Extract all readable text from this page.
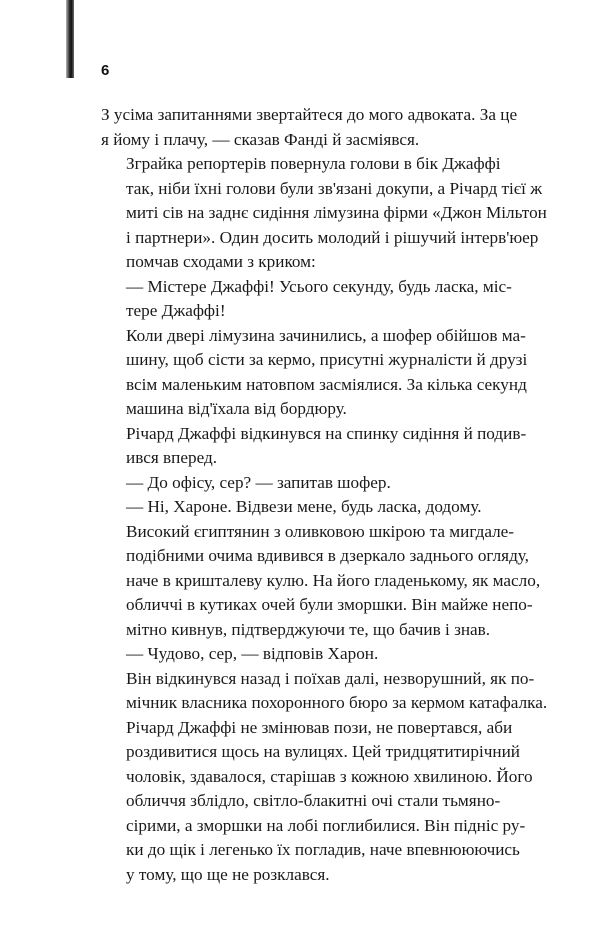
6

З усіма запитаннями звертайтеся до мого адвоката. За це
я йому і плачу, — сказав Фанді й засміявся.

Зграйка репортерів повернула голови в бік Джаффі
так, ніби їхні голови були зв'язані докупи, а Річард тієї ж
миті сів на заднє сидіння лімузина фірми «Джон Мільтон
і партнери». Один досить молодий і рішучий інтерв'юер
помчав сходами з криком:

— Містере Джаффі! Усього секунду, будь ласка, міс-
тере Джаффі!

Коли двері лімузина зачинились, а шофер обійшов ма-
шину, щоб сісти за кермо, присутні журналісти й друзі
всім маленьким натовпом засміялися. За кілька секунд
машина від'їхала від бордюру.

Річард Джаффі відкинувся на спинку сидіння й подив-
ився вперед.

— До офісу, сер? — запитав шофер.

— Ні, Хароне. Відвези мене, будь ласка, додому.

Високий єгиптянин з оливковою шкірою та мигдале-
подібними очима вдивився в дзеркало заднього огляду,
наче в кришталеву кулю. На його гладенькому, як масло,
обличчі в кутиках очей були зморшки. Він майже непо-
мітно кивнув, підтверджуючи те, що бачив і знав.

— Чудово, сер, — відповів Харон.

Він відкинувся назад і поїхав далі, незворушний, як по-
мічник власника похоронного бюро за кермом катафалка.

Річард Джаффі не змінював пози, не повертався, аби
роздивитися щось на вулицях. Цей тридцятитирічний
чоловік, здавалося, старішав з кожною хвилиною. Його
обличчя зблідло, світло-блакитні очі стали тьмяно-
сірими, а зморшки на лобі поглибилися. Він підніс ру-
ки до щік і легенько їх погладив, наче впевнююючись
у тому, що ще не розклався.
